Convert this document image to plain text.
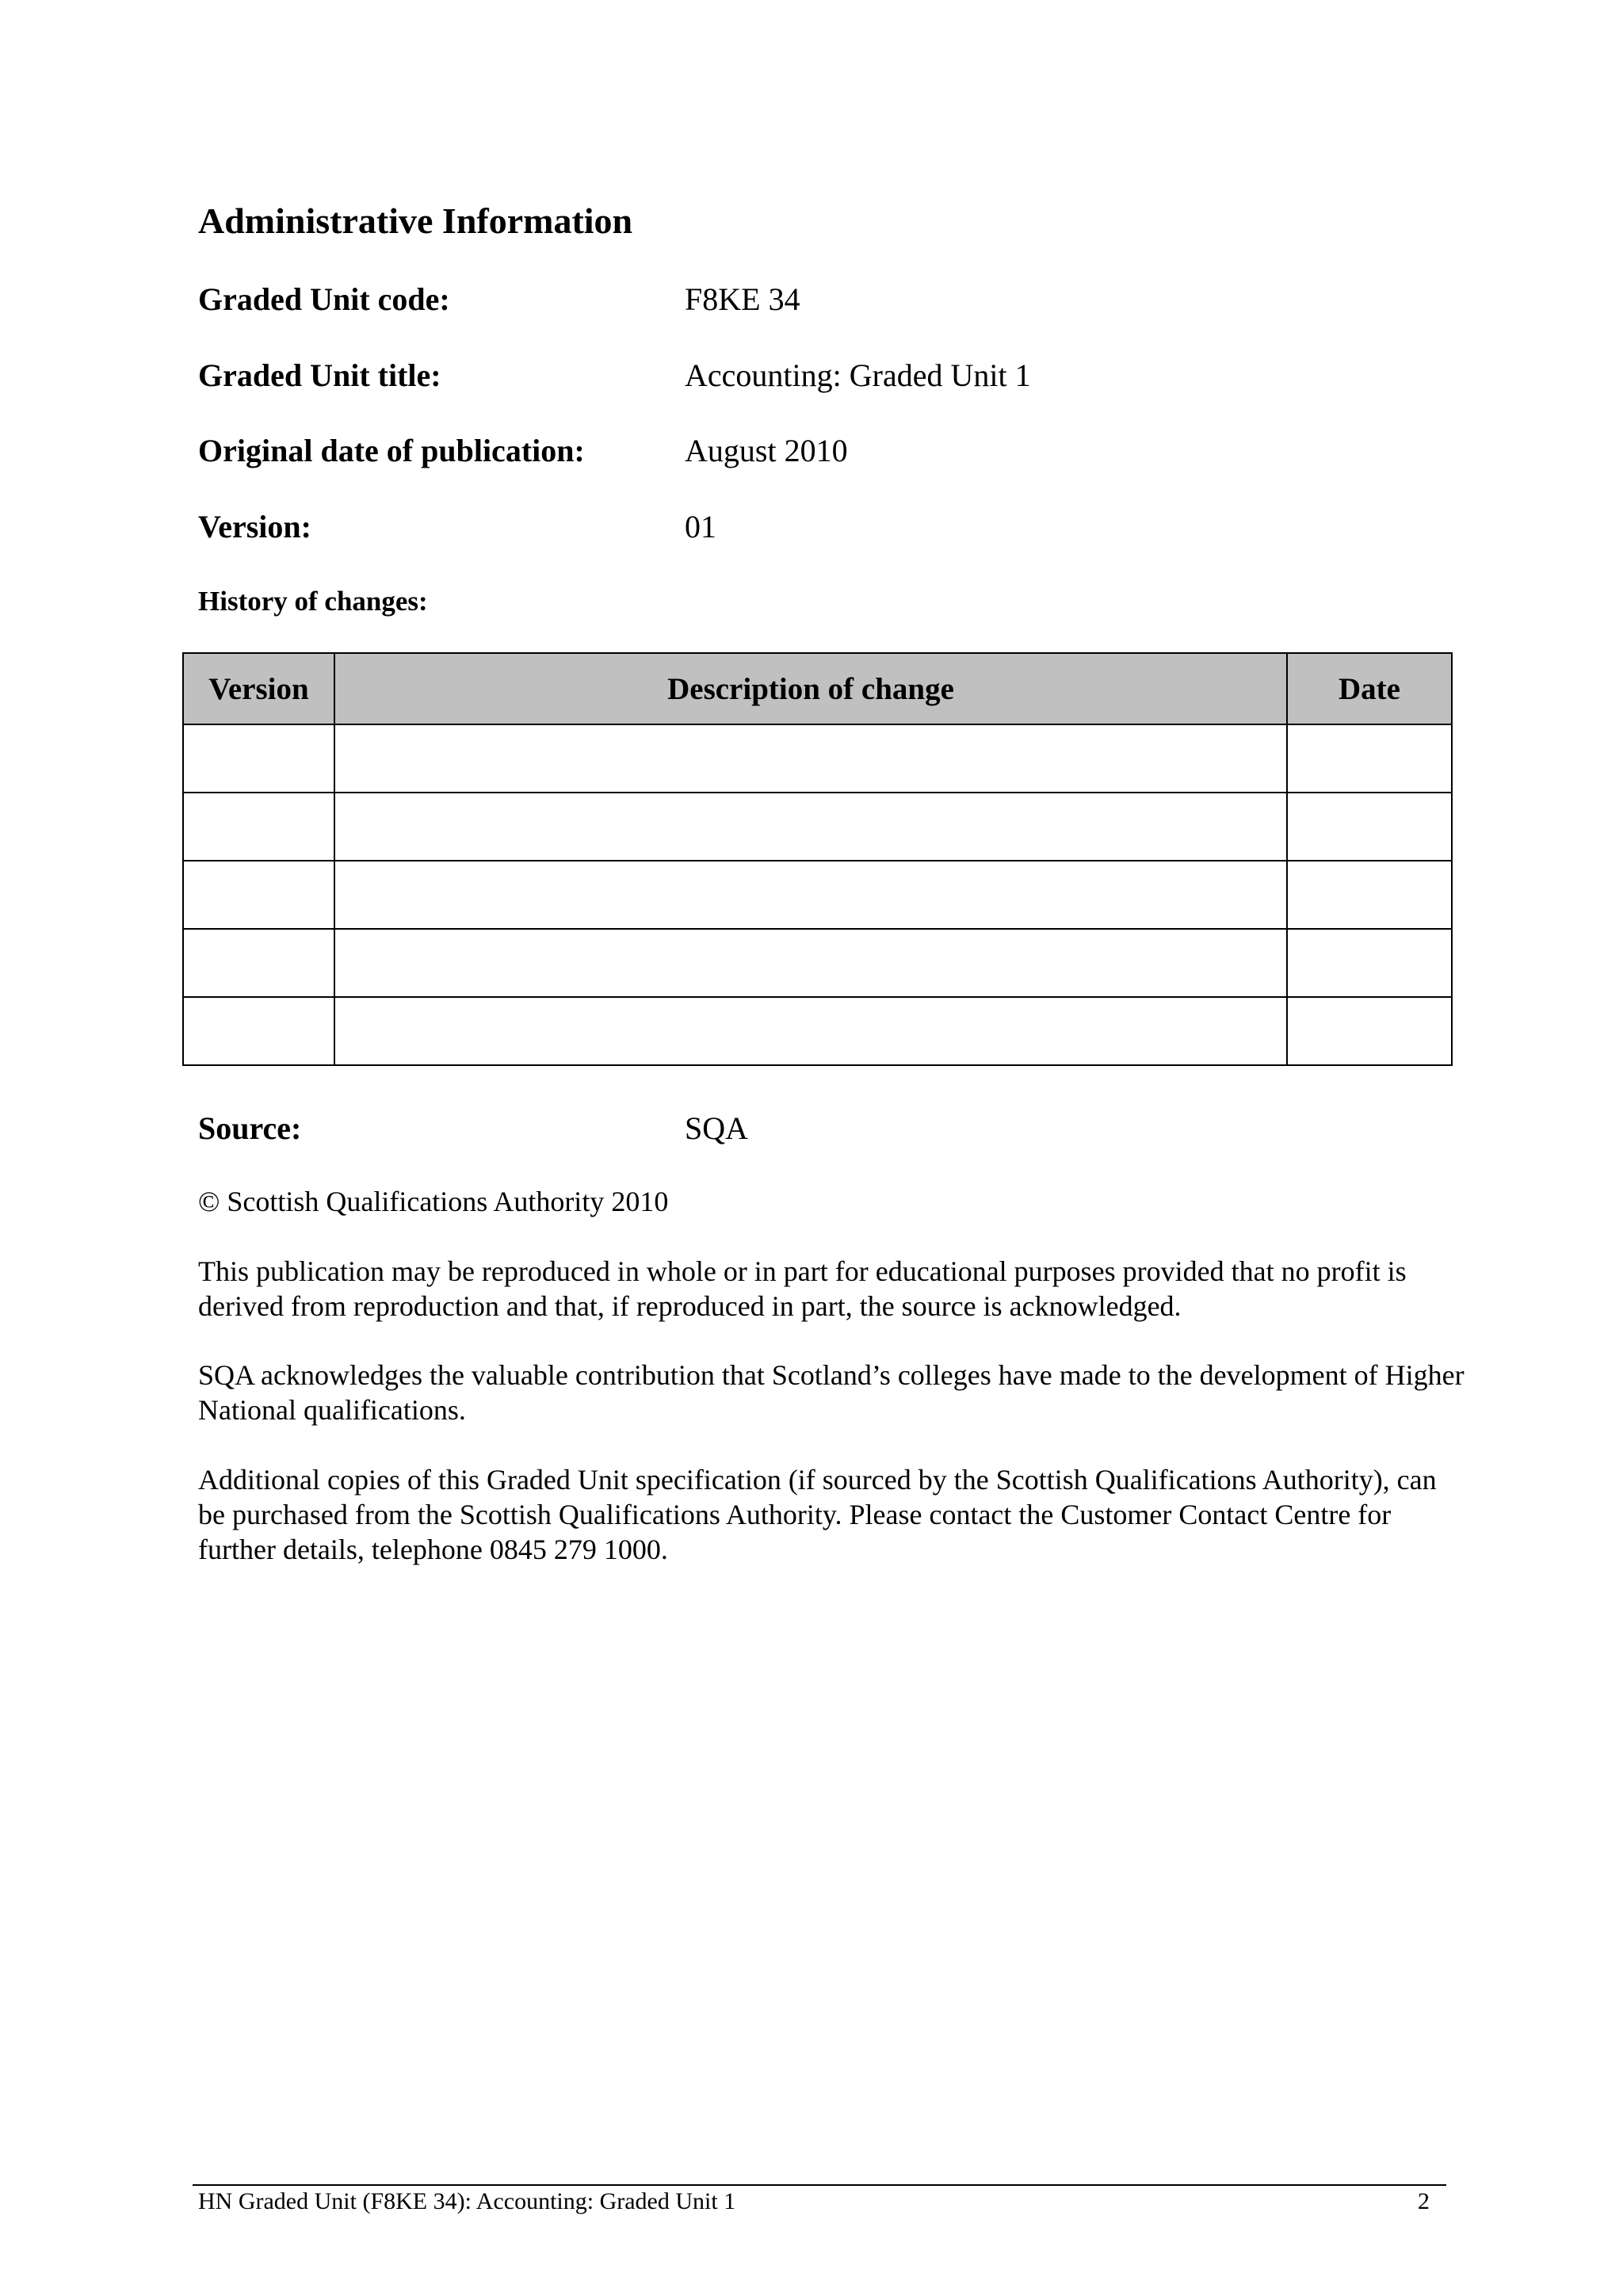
Administrative Information

Graded Unit code:	F8KE 34

Graded Unit title:	Accounting: Graded Unit 1

Original date of publication:	August 2010

Version:	01

History of changes:

Version	Description of change	Date

Source:	SQA

© Scottish Qualifications Authority 2010

This publication may be reproduced in whole or in part for educational purposes provided that no profit is derived from reproduction and that, if reproduced in part, the source is acknowledged.

SQA acknowledges the valuable contribution that Scotland’s colleges have made to the development of Higher National qualifications.

Additional copies of this Graded Unit specification (if sourced by the Scottish Qualifications Authority), can be purchased from the Scottish Qualifications Authority. Please contact the Customer Contact Centre for further details, telephone 0845 279 1000.

HN Graded Unit (F8KE 34): Accounting: Graded Unit 1	2
